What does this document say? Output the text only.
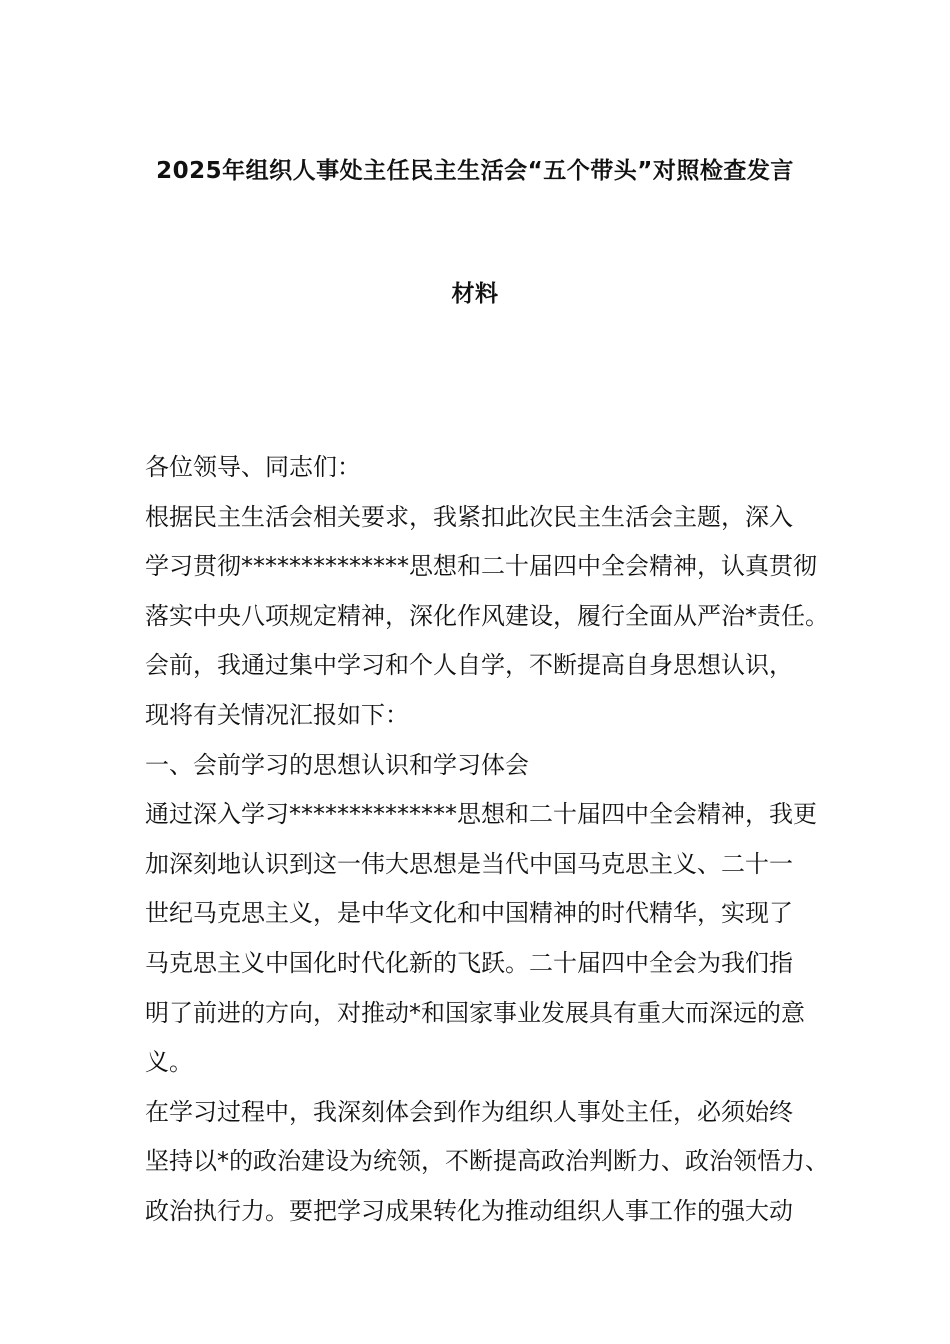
2025年组织人事处主任民主生活会“五个带头”对照检查发言
材料
各位领导、同志们：
根据民主生活会相关要求，我紧扣此次民主生活会主题，深入
学习贯彻**************思想和二十届四中全会精神，认真贯彻
落实中央八项规定精神，深化作风建设，履行全面从严治*责任。
会前，我通过集中学习和个人自学，不断提高自身思想认识，
现将有关情况汇报如下：
一、会前学习的思想认识和学习体会
通过深入学习**************思想和二十届四中全会精神，我更
加深刻地认识到这一伟大思想是当代中国马克思主义、二十一
世纪马克思主义，是中华文化和中国精神的时代精华，实现了
马克思主义中国化时代化新的飞跃。二十届四中全会为我们指
明了前进的方向，对推动*和国家事业发展具有重大而深远的意
义。
在学习过程中，我深刻体会到作为组织人事处主任，必须始终
坚持以*的政治建设为统领，不断提高政治判断力、政治领悟力、
政治执行力。要把学习成果转化为推动组织人事工作的强大动
